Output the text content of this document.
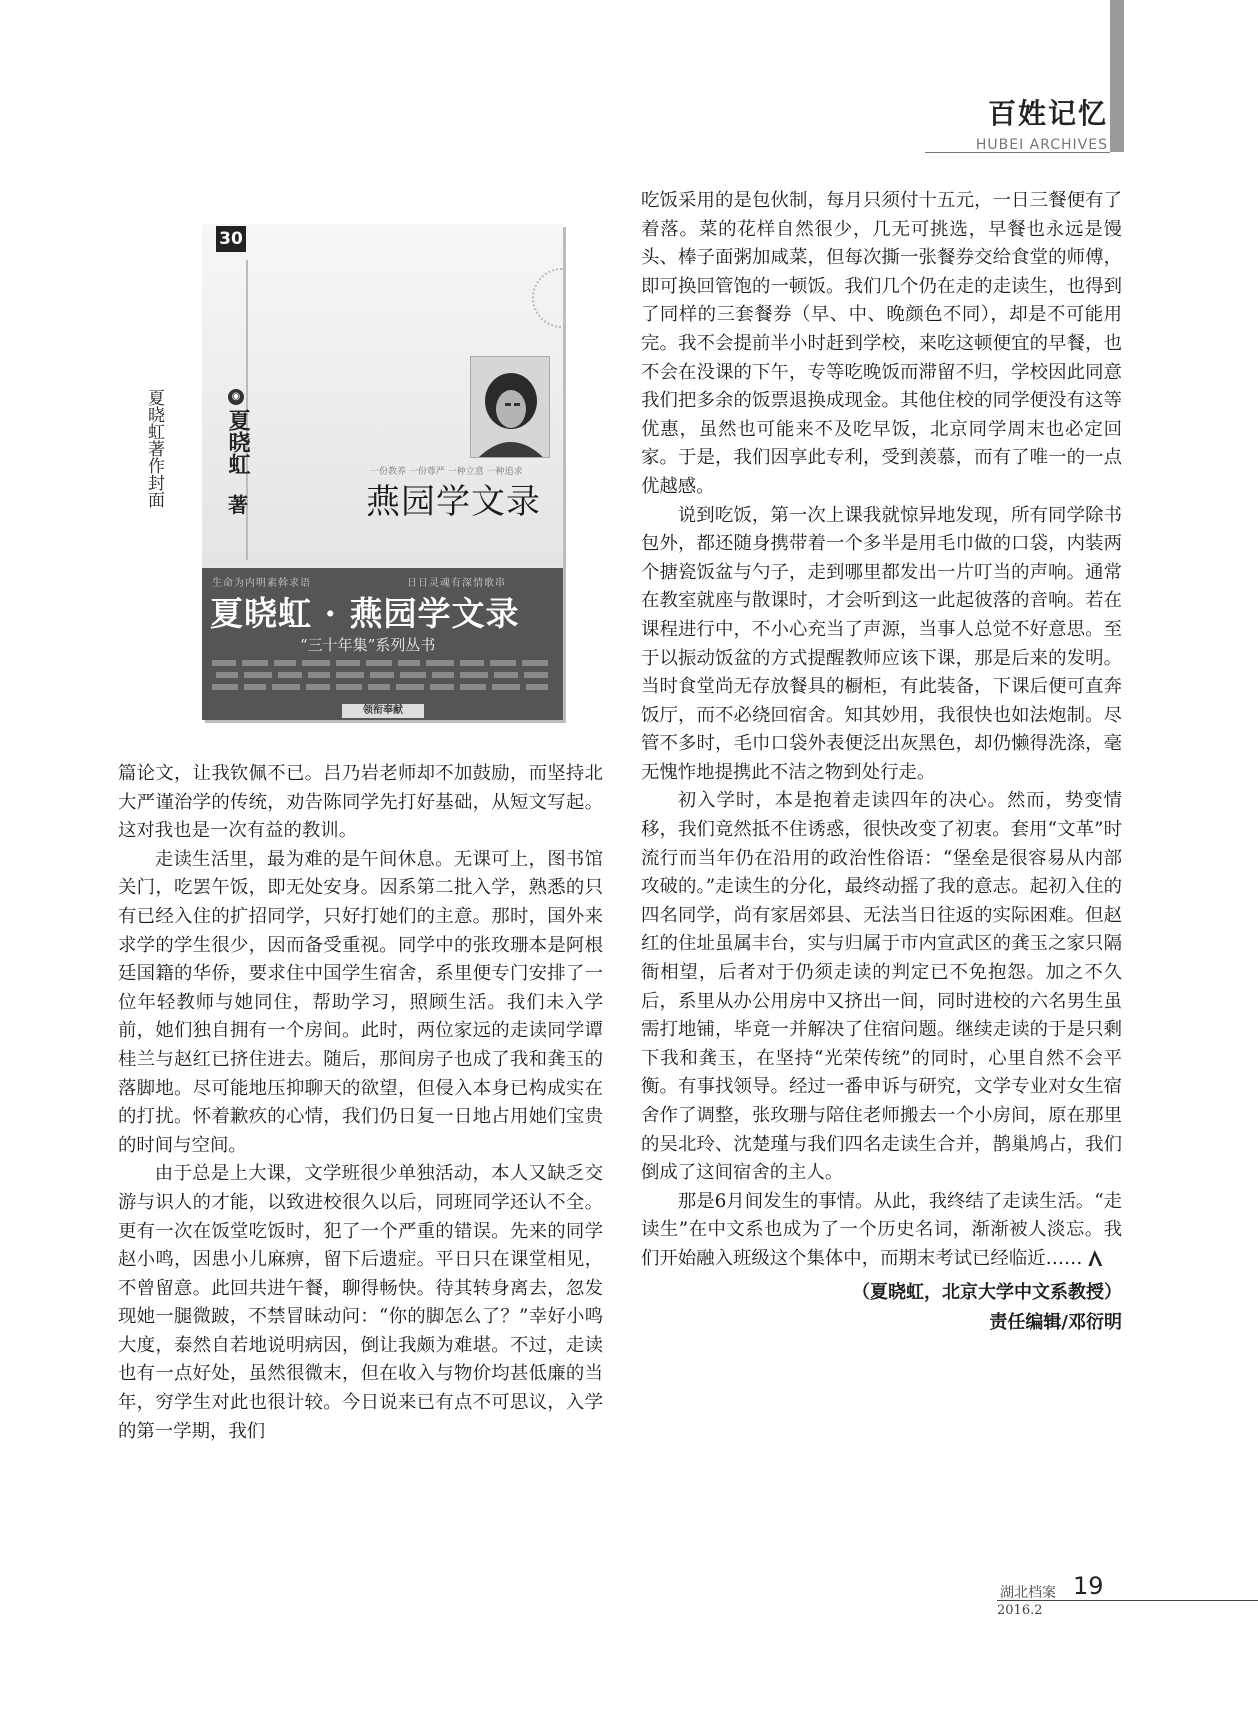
百姓记忆
HUBEI ARCHIVES
夏晓虹著作封面
30
◉
夏晓虹
著
一份教养 一份尊严 一种立意 一种追求
燕园学文录
生命为内明素斡求语	日日灵魂有深情歌串
夏晓虹 · 燕园学文录
“三十年集”系列丛书
领衔奉献

篇论文，让我钦佩不已。吕乃岩老师却不加鼓励，而坚持北大严谨治学的传统，劝告陈同学先打好基础，从短文写起。这对我也是一次有益的教训。

走读生活里，最为难的是午间休息。无课可上，图书馆关门，吃罢午饭，即无处安身。因系第二批入学，熟悉的只有已经入住的扩招同学，只好打她们的主意。那时，国外来求学的学生很少，因而备受重视。同学中的张玫珊本是阿根廷国籍的华侨，要求住中国学生宿舍，系里便专门安排了一位年轻教师与她同住，帮助学习，照顾生活。我们未入学前，她们独自拥有一个房间。此时，两位家远的走读同学谭桂兰与赵红已挤住进去。随后，那间房子也成了我和龚玉的落脚地。尽可能地压抑聊天的欲望，但侵入本身已构成实在的打扰。怀着歉疚的心情，我们仍日复一日地占用她们宝贵的时间与空间。

由于总是上大课，文学班很少单独活动，本人又缺乏交游与识人的才能，以致进校很久以后，同班同学还认不全。更有一次在饭堂吃饭时，犯了一个严重的错误。先来的同学赵小鸣，因患小儿麻痹，留下后遗症。平日只在课堂相见，不曾留意。此回共进午餐，聊得畅快。待其转身离去，忽发现她一腿微跛，不禁冒昧动问：“你的脚怎么了？”幸好小鸣大度，泰然自若地说明病因，倒让我颇为难堪。不过，走读也有一点好处，虽然很微末，但在收入与物价均甚低廉的当年，穷学生对此也很计较。今日说来已有点不可思议，入学的第一学期，我们

吃饭采用的是包伙制，每月只须付十五元，一日三餐便有了着落。菜的花样自然很少，几无可挑选，早餐也永远是馒头、棒子面粥加咸菜，但每次撕一张餐券交给食堂的师傅，即可换回管饱的一顿饭。我们几个仍在走的走读生，也得到了同样的三套餐券（早、中、晚颜色不同），却是不可能用完。我不会提前半小时赶到学校，来吃这顿便宜的早餐，也不会在没课的下午，专等吃晚饭而滞留不归，学校因此同意我们把多余的饭票退换成现金。其他住校的同学便没有这等优惠，虽然也可能来不及吃早饭，北京同学周末也必定回家。于是，我们因享此专利，受到羡慕，而有了唯一的一点优越感。

说到吃饭，第一次上课我就惊异地发现，所有同学除书包外，都还随身携带着一个多半是用毛巾做的口袋，内装两个搪瓷饭盆与勺子，走到哪里都发出一片叮当的声响。通常在教室就座与散课时，才会听到这一此起彼落的音响。若在课程进行中，不小心充当了声源，当事人总觉不好意思。至于以振动饭盆的方式提醒教师应该下课，那是后来的发明。当时食堂尚无存放餐具的橱柜，有此装备，下课后便可直奔饭厅，而不必绕回宿舍。知其妙用，我很快也如法炮制。尽管不多时，毛巾口袋外表便泛出灰黑色，却仍懒得洗涤，毫无愧怍地提携此不洁之物到处行走。

初入学时，本是抱着走读四年的决心。然而，势变情移，我们竟然抵不住诱惑，很快改变了初衷。套用“文革”时流行而当年仍在沿用的政治性俗语：“堡垒是很容易从内部攻破的。”走读生的分化，最终动摇了我的意志。起初入住的四名同学，尚有家居郊县、无法当日往返的实际困难。但赵红的住址虽属丰台，实与归属于市内宣武区的龚玉之家只隔衙相望，后者对于仍须走读的判定已不免抱怨。加之不久后，系里从办公用房中又挤出一间，同时进校的六名男生虽需打地铺，毕竟一并解决了住宿问题。继续走读的于是只剩下我和龚玉，在坚持“光荣传统”的同时，心里自然不会平衡。有事找领导。经过一番申诉与研究，文学专业对女生宿舍作了调整，张玫珊与陪住老师搬去一个小房间，原在那里的吴北玲、沈楚瑾与我们四名走读生合并，鹊巢鸠占，我们倒成了这间宿舍的主人。

那是6月间发生的事情。从此，我终结了走读生活。“走读生”在中文系也成为了一个历史名词，渐渐被人淡忘。我们开始融入班级这个集体中，而期末考试已经临近……

（夏晓虹，北京大学中文系教授）
责任编辑/邓衍明
湖北档案 19
2016.2
